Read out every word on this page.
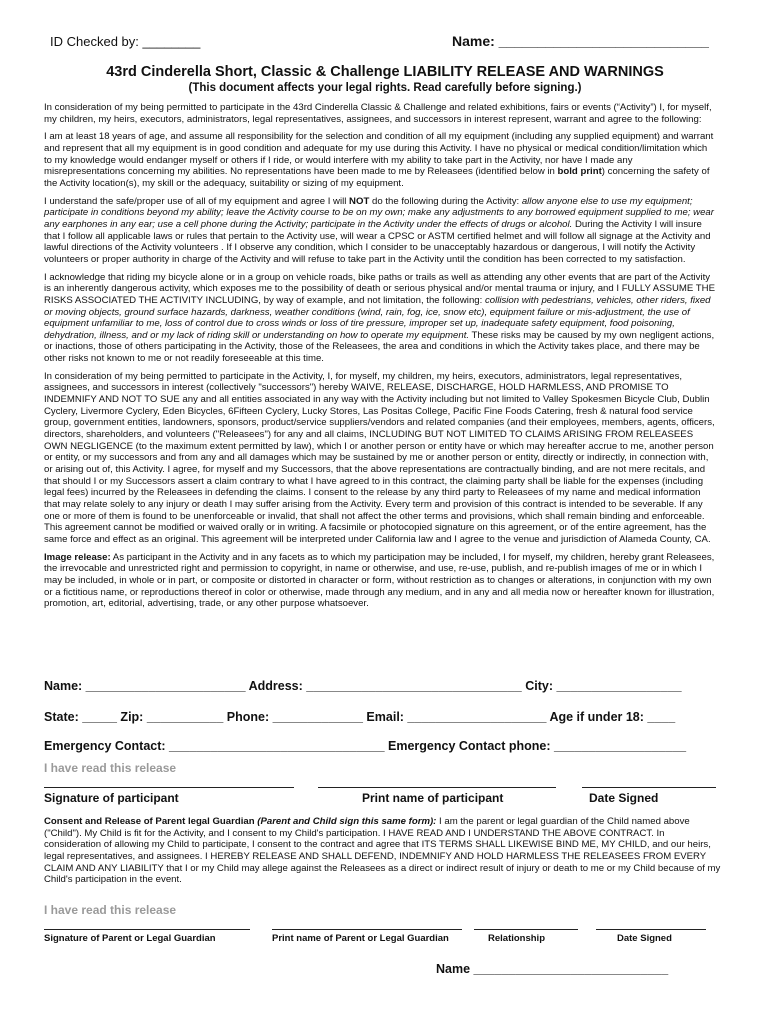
ID Checked by: ________	Name: ___________________________

43rd Cinderella Short, Classic & Challenge LIABILITY RELEASE AND WARNINGS

(This document affects your legal rights. Read carefully before signing.)

In consideration of my being permitted to participate in the 43rd Cinderella Classic & Challenge and related exhibitions, fairs or events (“Activity”) I, for myself, my children, my heirs, executors, administrators, legal representatives, assignees, and successors in interest represent, warrant and agree to the following:

I am at least 18 years of age, and assume all responsibility for the selection and condition of all my equipment (including any supplied equipment) and warrant and represent that all my equipment is in good condition and adequate for my use during this Activity. I have no physical or medical condition/limitation which to my knowledge would endanger myself or others if I ride, or would interfere with my ability to take part in the Activity, nor have I made any misrepresentations concerning my abilities. No representations have been made to me by Releasees (identified below in bold print) concerning the safety of the Activity location(s), my skill or the adequacy, suitability or sizing of my equipment.

I understand the safe/proper use of all of my equipment and agree I will NOT do the following during the Activity: allow anyone else to use my equipment; participate in conditions beyond my ability; leave the Activity course to be on my own; make any adjustments to any borrowed equipment supplied to me; wear any earphones in any ear; use a cell phone during the Activity; participate in the Activity under the effects of drugs or alcohol. During the Activity I will insure that I follow all applicable laws or rules that pertain to the Activity use, will wear a CPSC or ASTM certified helmet and will follow all signage at the Activity and lawful directions of the Activity volunteers . If I observe any condition, which I consider to be unacceptably hazardous or dangerous, I will notify the Activity volunteers or proper authority in charge of the Activity and will refuse to take part in the Activity until the condition has been corrected to my satisfaction.

I acknowledge that riding my bicycle alone or in a group on vehicle roads, bike paths or trails as well as attending any other events that are part of the Activity is an inherently dangerous activity, which exposes me to the possibility of death or serious physical and/or mental trauma or injury, and I FULLY ASSUME THE RISKS ASSOCIATED THE ACTIVITY INCLUDING, by way of example, and not limitation, the following: collision with pedestrians, vehicles, other riders, fixed or moving objects, ground surface hazards, darkness, weather conditions (wind, rain, fog, ice, snow etc), equipment failure or mis-adjustment, the use of equipment unfamiliar to me, loss of control due to cross winds or loss of tire pressure, improper set up, inadequate safety equipment, food poisoning, dehydration, illness, and or my lack of riding skill or understanding on how to operate my equipment. These risks may be caused by my own negligent actions, or inactions, those of others participating in the Activity, those of the Releasees, the area and conditions in which the Activity takes place, and there may be other risks not known to me or not readily foreseeable at this time.

In consideration of my being permitted to participate in the Activity, I, for myself, my children, my heirs, executors, administrators, legal representatives, assignees, and successors in interest (collectively "successors") hereby WAIVE, RELEASE, DISCHARGE, HOLD HARMLESS, AND PROMISE TO INDEMNIFY AND NOT TO SUE any and all entities associated in any way with the Activity including but not limited to Valley Spokesmen Bicycle Club, Dublin Cyclery, Livermore Cyclery, Eden Bicycles, 6Fifteen Cyclery, Lucky Stores, Las Positas College, Pacific Fine Foods Catering, fresh & natural food service group, government entities, landowners, sponsors, product/service suppliers/vendors and related companies (and their employees, members, agents, officers, directors, shareholders, and volunteers ("Releasees") for any and all claims, INCLUDING BUT NOT LIMITED TO CLAIMS ARISING FROM RELEASEES OWN NEGLIGENCE (to the maximum extent permitted by law), which I or another person or entity have or which may hereafter accrue to me, another person or entity, or my successors and from any and all damages which may be sustained by me or another person or entity, directly or indirectly, in connection with, or arising out of, this Activity. I agree, for myself and my Successors, that the above representations are contractually binding, and are not mere recitals, and that should I or my Successors assert a claim contrary to what I have agreed to in this contract, the claiming party shall be liable for the expenses (including legal fees) incurred by the Releasees in defending the claims. I consent to the release by any third party to Releasees of my name and medical information that may relate solely to any injury or death I may suffer arising from the Activity. Every term and provision of this contract is intended to be severable. If any one or more of them is found to be unenforceable or invalid, that shall not affect the other terms and provisions, which shall remain binding and enforceable. This agreement cannot be modified or waived orally or in writing. A facsimile or photocopied signature on this agreement, or of the entire agreement, has the same force and effect as an original. This agreement will be interpreted under California law and I agree to the venue and jurisdiction of Alameda County, CA.

Image release: As participant in the Activity and in any facets as to which my participation may be included, I for myself, my children, hereby grant Releasees, the irrevocable and unrestricted right and permission to copyright, in name or otherwise, and use, re-use, publish, and re-publish images of me or in which I may be included, in whole or in part, or composite or distorted in character or form, without restriction as to changes or alterations, in conjunction with my own or a fictitious name, or reproductions thereof in color or otherwise, made through any medium, and in any and all media now or hereafter known for illustration, promotion, art, editorial, advertising, trade, or any other purpose whatsoever.

Name: _______________________ Address: _______________________________ City: __________________
State: _____ Zip: ___________ Phone: _____________ Email: ____________________ Age if under 18: ____
Emergency Contact: _______________________________ Emergency Contact phone: ___________________
I have read this release
Signature of participant	Print name of participant	Date Signed
Consent and Release of Parent legal Guardian (Parent and Child sign this same form): I am the parent or legal guardian of the Child named above ("Child"). My Child is fit for the Activity, and I consent to my Child's participation. I HAVE READ AND I UNDERSTAND THE ABOVE CONTRACT. In consideration of allowing my Child to participate, I consent to the contract and agree that ITS TERMS SHALL LIKEWISE BIND ME, MY CHILD, and our heirs, legal representatives, and assignees. I HEREBY RELEASE AND SHALL DEFEND, INDEMNIFY AND HOLD HARMLESS THE RELEASEES FROM EVERY CLAIM AND ANY LIABILITY that I or my Child may allege against the Releasees as a direct or indirect result of injury or death to me or my Child because of my Child's participation in the event.
I have read this release
Signature of Parent or Legal Guardian	Print name of Parent or Legal Guardian	Relationship	Date Signed
Name ____________________________
